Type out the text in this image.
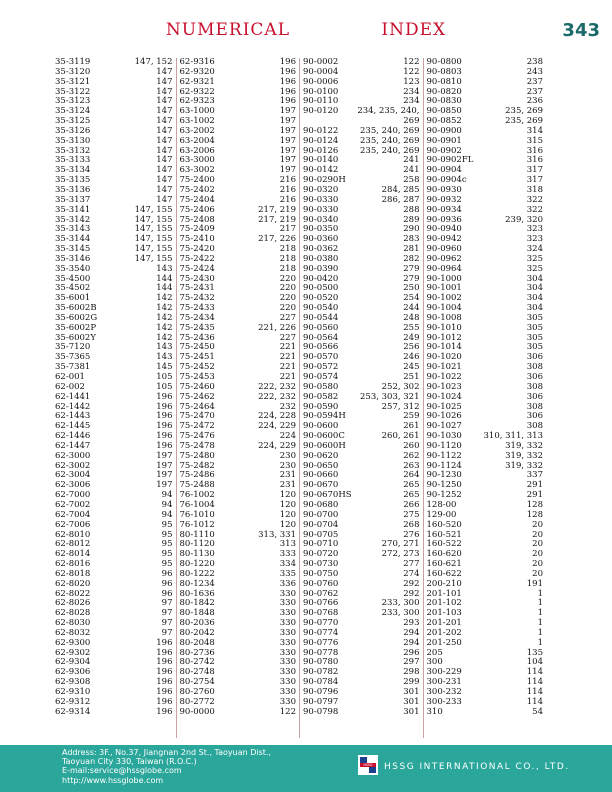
NUMERICAL	INDEX	343
35-3119	147, 152
35-3120	147
35-3121	147
35-3122	147
35-3123	147
35-3124	147
35-3125	147
35-3126	147
35-3130	147
35-3132	147
35-3133	147
35-3134	147
35-3135	147
35-3136	147
35-3137	147
35-3141	147, 155
35-3142	147, 155
35-3143	147, 155
35-3144	147, 155
35-3145	147, 155
35-3146	147, 155
35-3540	143
35-4500	144
35-4502	144
35-6001	142
35-6002B	142
35-6002G	142
35-6002P	142
35-6002Y	142
35-7120	143
35-7365	143
35-7381	145
62-001	105
62-002	105
62-1441	196
62-1442	196
62-1443	196
62-1445	196
62-1446	196
62-1447	196
62-3000	197
62-3002	197
62-3004	197
62-3006	197
62-7000	94
62-7002	94
62-7004	94
62-7006	95
62-8010	95
62-8012	95
62-8014	95
62-8016	95
62-8018	96
62-8020	96
62-8022	96
62-8026	97
62-8028	97
62-8030	97
62-8032	97
62-9300	196
62-9302	196
62-9304	196
62-9306	196
62-9308	196
62-9310	196
62-9312	196
62-9314	196
62-9316	196
62-9320	196
62-9321	196
62-9322	196
62-9323	196
63-1000	197
63-1002	197
63-2002	197
63-2004	197
63-2006	197
63-3000	197
63-3002	197
75-2400	216
75-2402	216
75-2404	216
75-2406	217, 219
75-2408	217, 219
75-2409	217
75-2410	217, 226
75-2420	218
75-2422	218
75-2424	218
75-2430	220
75-2431	220
75-2432	220
75-2433	220
75-2434	227
75-2435	221, 226
75-2436	227
75-2450	221
75-2451	221
75-2452	221
75-2453	221
75-2460	222, 232
75-2462	222, 232
75-2464	232
75-2470	224, 228
75-2472	224, 229
75-2476	224
75-2478	224, 229
75-2480	230
75-2482	230
75-2486	231
75-2488	231
76-1002	120
76-1004	120
76-1010	120
76-1012	120
80-1110	313, 331
80-1120	313
80-1130	333
80-1220	334
80-1222	335
80-1234	336
80-1636	330
80-1842	330
80-1848	330
80-2036	330
80-2042	330
80-2048	330
80-2736	330
80-2742	330
80-2748	330
80-2754	330
80-2760	330
80-2772	330
90-0000	122
90-0002	122
90-0004	122
90-0006	123
90-0100	234
90-0110	234
90-0120 234, 235, 240,
269
90-0122	235, 240, 269
90-0124	235, 240, 269
90-0126	235, 240, 269
90-0140	241
90-0142	241
90-0290H	258
90-0320	284, 285
90-0330	286, 287
90-0330	288
90-0340	289
90-0350	290
90-0360	283
90-0362	281
90-0380	282
90-0390	279
90-0420	279
90-0500	250
90-0520	254
90-0540	244
90-0544	248
90-0560	255
90-0564	249
90-0566	256
90-0570	246
90-0572	245
90-0574	251
90-0580	252, 302
90-0582	253, 303, 321
90-0590	257, 312
90-0594H	259
90-0600	261
90-0600C	260, 261
90-0600H	260
90-0620	262
90-0650	263
90-0660	264
90-0670	265
90-0670HS	265
90-0680	266
90-0700	275
90-0704	268
90-0705	276
90-0710	270, 271
90-0720	272, 273
90-0730	277
90-0750	274
90-0760	292
90-0762	292
90-0766	233, 300
90-0768	233, 300
90-0770	293
90-0774	294
90-0776	294
90-0778	296
90-0780	297
90-0782	298
90-0784	299
90-0796	301
90-0797	301
90-0798	301
90-0800	238
90-0803	243
90-0810	237
90-0820	237
90-0830	236
90-0850	235, 269
90-0852	235, 269
90-0900	314
90-0901	315
90-0902	316
90-0902FL	316
90-0904	317
90-0904c	317
90-0930	318
90-0932	322
90-0934	322
90-0936	239, 320
90-0940	323
90-0942	323
90-0960	324
90-0962	325
90-0964	325
90-1000	304
90-1001	304
90-1002	304
90-1004	304
90-1008	305
90-1010	305
90-1012	305
90-1014	305
90-1020	306
90-1021	308
90-1022	306
90-1023	308
90-1024	306
90-1025	308
90-1026	306
90-1027	308
90-1030	310, 311, 313
90-1120	319, 332
90-1122	319, 332
90-1124	319, 332
90-1230	337
90-1250	291
90-1252	291
128-00	128
129-00	128
160-520	20
160-521	20
160-522	20
160-620	20
160-621	20
160-622	20
200-210	191
201-101	1
201-102	1
201-103	1
201-201	1
201-202	1
201-250	1
205	135
300	104
300-229	114
300-231	114
300-232	114
300-233	114
310	54
Address: 3F., No.37, Jiangnan 2nd St., Taoyuan Dist.,
Taoyuan City 330, Taiwan (R.O.C.)
E-mail:service@hssglobe.com
http://www.hssglobe.com
HSSG HSSG INTERNATIONAL CO., LTD.
